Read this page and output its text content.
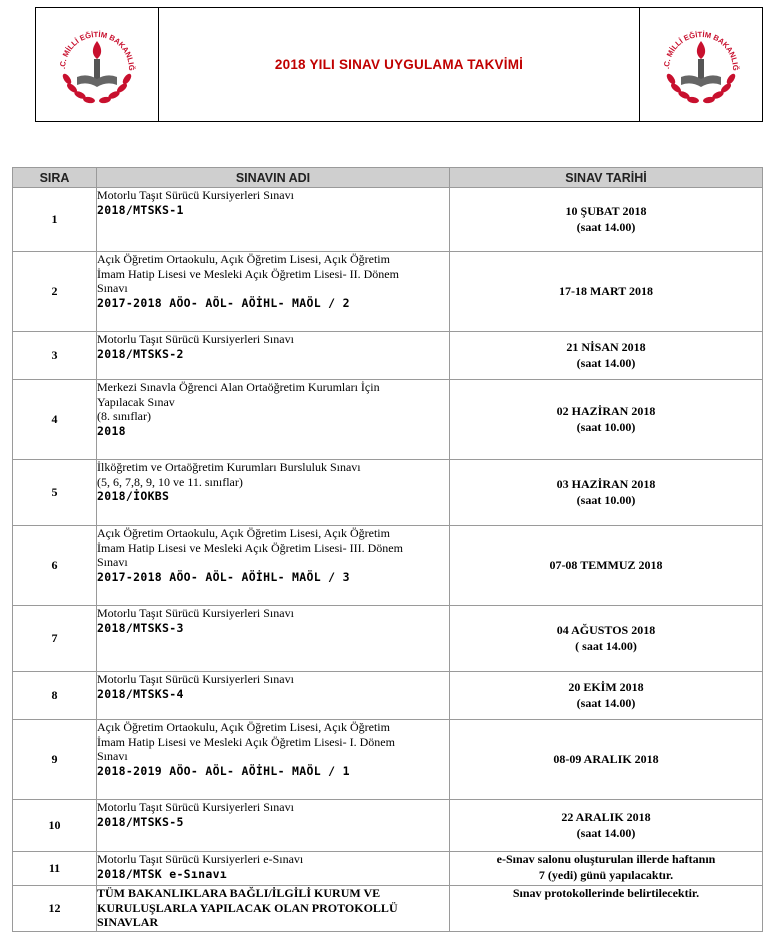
.C. MİLLİ EĞİTİM BAKANLIĞ	2018 YILI SINAV UYGULAMA TAKVİMİ	.C. MİLLİ EĞİTİM BAKANLIĞ
SIRA	SINAVIN ADI	SINAV TARİHİ
1	Motorlu Taşıt Sürücü Kursiyerleri Sınavı
2018/MTSKS-1	10 ŞUBAT 2018
(saat 14.00)

2	Açık Öğretim Ortaokulu, Açık Öğretim Lisesi, Açık Öğretim
İmam Hatip Lisesi ve Mesleki Açık Öğretim Lisesi- II. Dönem
Sınavı
2017-2018 AÖO- AÖL- AÖİHL- MAÖL / 2	17-18 MART 2018

3	Motorlu Taşıt Sürücü Kursiyerleri Sınavı
2018/MTSKS-2	21 NİSAN 2018
(saat 14.00)

4	Merkezi Sınavla Öğrenci Alan Ortaöğretim Kurumları İçin
Yapılacak Sınav
(8. sınıflar)
2018	02 HAZİRAN 2018
(saat 10.00)

5	İlköğretim ve Ortaöğretim Kurumları Bursluluk Sınavı
(5, 6, 7,8, 9, 10 ve 11. sınıflar)
2018/İOKBS	03 HAZİRAN 2018
(saat 10.00)

6	Açık Öğretim Ortaokulu, Açık Öğretim Lisesi, Açık Öğretim
İmam Hatip Lisesi ve Mesleki Açık Öğretim Lisesi- III. Dönem
Sınavı
2017-2018 AÖO- AÖL- AÖİHL- MAÖL / 3	07-08 TEMMUZ 2018

7	Motorlu Taşıt Sürücü Kursiyerleri Sınavı
2018/MTSKS-3	04 AĞUSTOS 2018
( saat 14.00)

8	Motorlu Taşıt Sürücü Kursiyerleri Sınavı
2018/MTSKS-4	20 EKİM 2018
(saat 14.00)

9	Açık Öğretim Ortaokulu, Açık Öğretim Lisesi, Açık Öğretim
İmam Hatip Lisesi ve Mesleki Açık Öğretim Lisesi- I. Dönem
Sınavı
2018-2019 AÖO- AÖL- AÖİHL- MAÖL / 1	08-09 ARALIK 2018

10	Motorlu Taşıt Sürücü Kursiyerleri Sınavı
2018/MTSKS-5	22 ARALIK 2018
(saat 14.00)

11	Motorlu Taşıt Sürücü Kursiyerleri e-Sınavı
2018/MTSK e-Sınavı	e-Sınav salonu oluşturulan illerde haftanın
7 (yedi) günü yapılacaktır.

12	TÜM BAKANLIKLARA BAĞLI/İLGİLİ KURUM VE
KURULUŞLARLA YAPILACAK OLAN PROTOKOLLÜ
SINAVLAR	Sınav protokollerinde belirtilecektir.
